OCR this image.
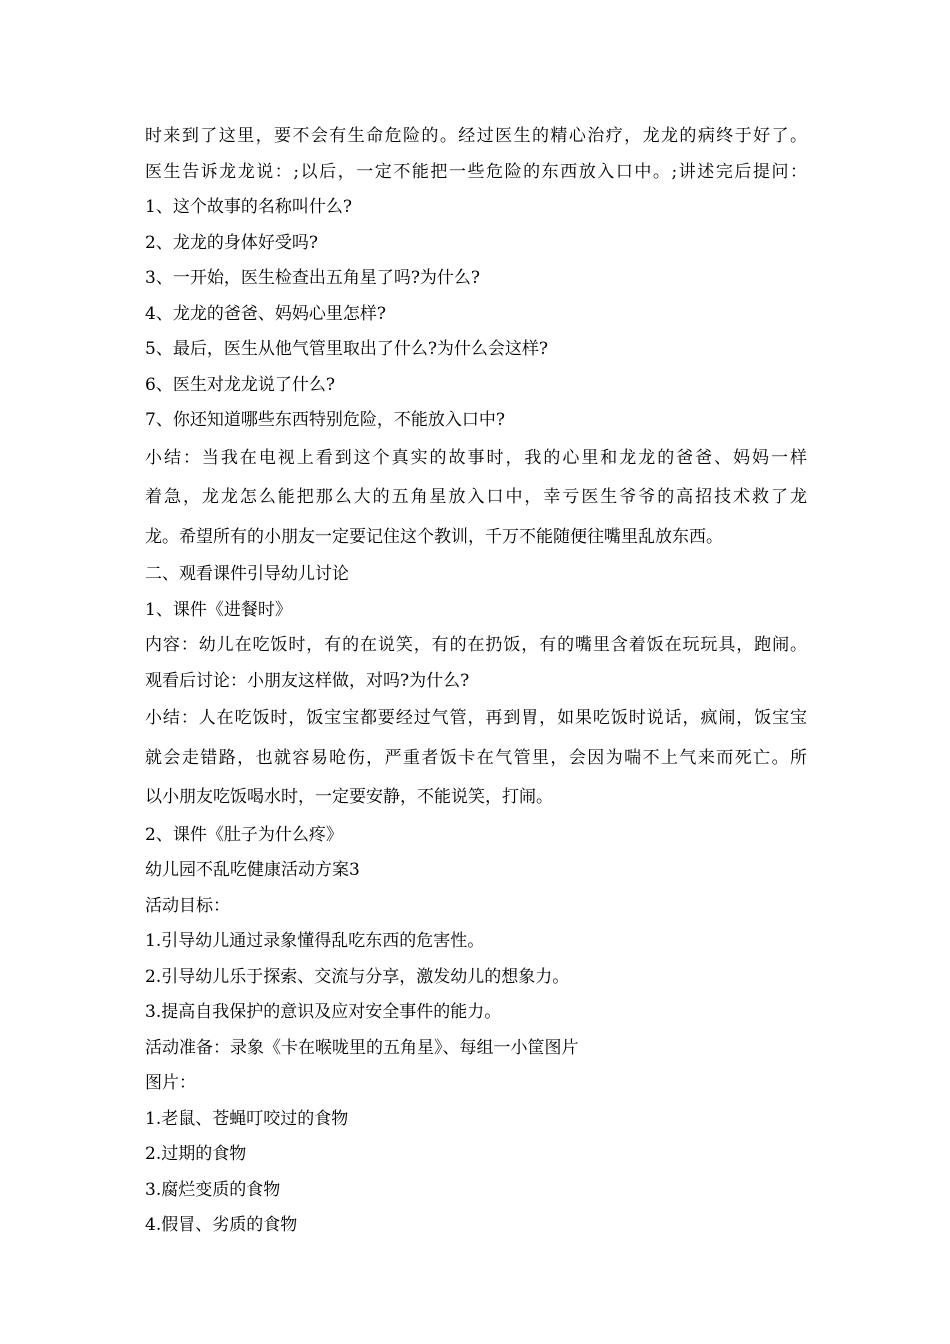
时来到了这里，要不会有生命危险的。经过医生的精心治疗，龙龙的病终于好了。
医生告诉龙龙说：;以后，一定不能把一些危险的东西放入口中。;讲述完后提问：
1、这个故事的名称叫什么?
2、龙龙的身体好受吗?
3、一开始，医生检查出五角星了吗?为什么?
4、龙龙的爸爸、妈妈心里怎样?
5、最后，医生从他气管里取出了什么?为什么会这样?
6、医生对龙龙说了什么?
7、你还知道哪些东西特别危险，不能放入口中?
小结：当我在电视上看到这个真实的故事时，我的心里和龙龙的爸爸、妈妈一样
着急，龙龙怎么能把那么大的五角星放入口中，幸亏医生爷爷的高招技术救了龙
龙。希望所有的小朋友一定要记住这个教训，千万不能随便往嘴里乱放东西。
二、观看课件引导幼儿讨论
1、课件《进餐时》
内容：幼儿在吃饭时，有的在说笑，有的在扔饭，有的嘴里含着饭在玩玩具，跑闹。
观看后讨论：小朋友这样做，对吗?为什么?
小结：人在吃饭时，饭宝宝都要经过气管，再到胃，如果吃饭时说话，疯闹，饭宝宝
就会走错路，也就容易呛伤，严重者饭卡在气管里，会因为喘不上气来而死亡。所
以小朋友吃饭喝水时，一定要安静，不能说笑，打闹。
2、课件《肚子为什么疼》
幼儿园不乱吃健康活动方案3
活动目标：
1.引导幼儿通过录象懂得乱吃东西的危害性。
2.引导幼儿乐于探索、交流与分享，激发幼儿的想象力。
3.提高自我保护的意识及应对安全事件的能力。
活动准备：录象《卡在喉咙里的五角星》、每组一小筐图片
图片：
1.老鼠、苍蝇叮咬过的食物
2.过期的食物
3.腐烂变质的食物
4.假冒、劣质的食物
